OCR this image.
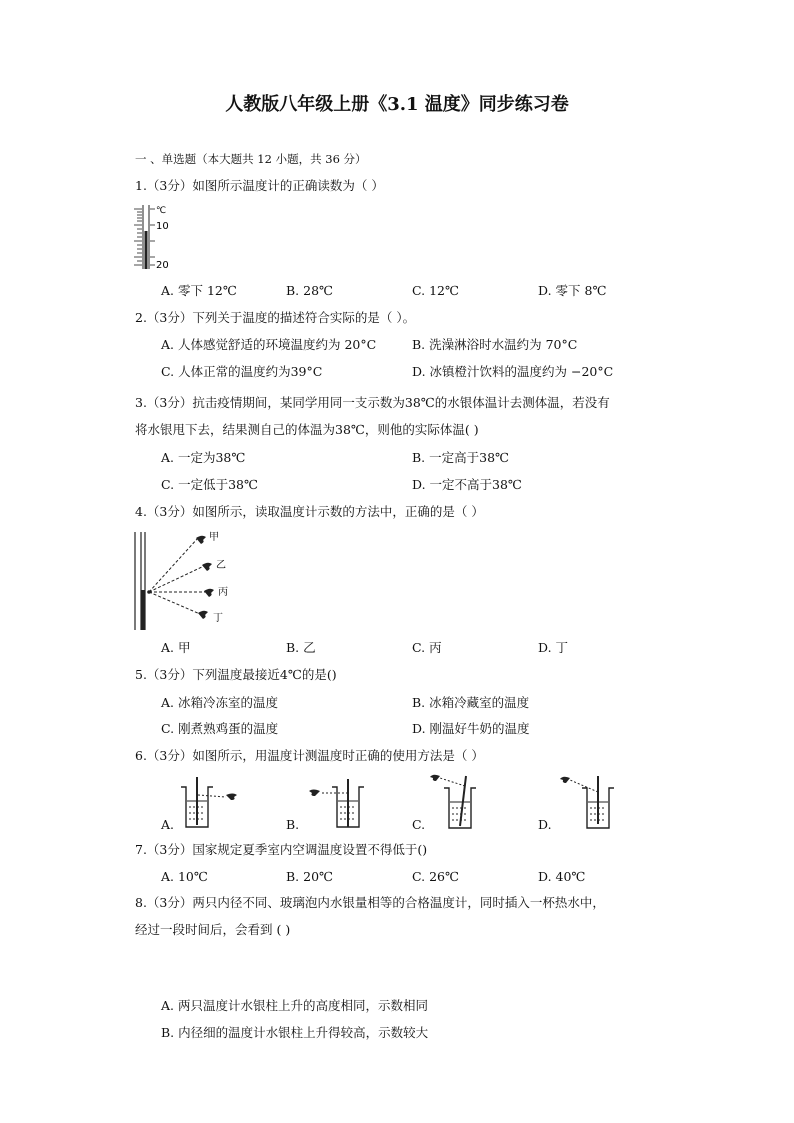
人教版八年级上册《3.1 温度》同步练习卷
一 、单选题（本大题共 12 小题，共 36 分）
1.（3分）如图所示温度计的正确读数为（ ）
℃
10
20
A. 零下 12℃	B. 28℃	C. 12℃	D. 零下 8℃
2.（3分）下列关于温度的描述符合实际的是（ ）。
A. 人体感觉舒适的环境温度约为 20°C	B. 洗澡淋浴时水温约为 70°C
C. 人体正常的温度约为39°C	D. 冰镇橙汁饮料的温度约为 −20°C
3.（3分）抗击疫情期间，某同学用同一支示数为38℃的水银体温计去测体温，若没有
将水银甩下去，结果测自己的体温为38℃，则他的实际体温( )
A. 一定为38℃	B. 一定高于38℃
C. 一定低于38℃	D. 一定不高于38℃
4.（3分）如图所示，读取温度计示数的方法中，正确的是（ ）
甲
乙
丙
丁
A. 甲	B. 乙	C. 丙	D. 丁
5.（3分）下列温度最接近4℃的是()
A. 冰箱冷冻室的温度	B. 冰箱冷藏室的温度
C. 刚煮熟鸡蛋的温度	D. 刚温好牛奶的温度
6.（3分）如图所示，用温度计测温度时正确的使用方法是（ ）
A.	B.	C.	D.
7.（3分）国家规定夏季室内空调温度设置不得低于()
A. 10℃	B. 20℃	C. 26℃	D. 40℃
8.（3分）两只内径不同、玻璃泡内水银量相等的合格温度计，同时插入一杯热水中，
经过一段时间后，会看到 ( )
A. 两只温度计水银柱上升的高度相同，示数相同
B. 内径细的温度计水银柱上升得较高，示数较大
